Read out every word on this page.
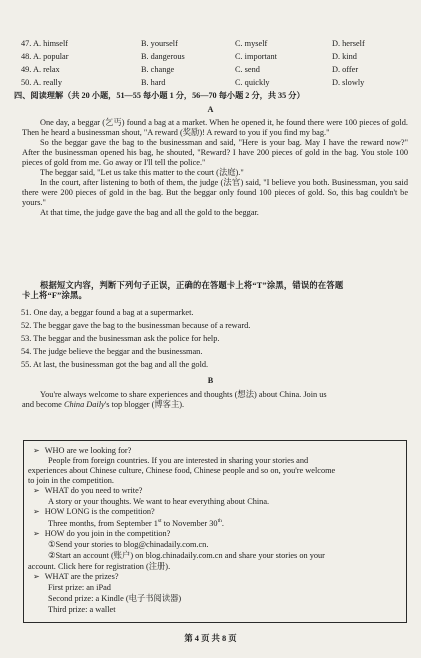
47. A. himself	B. yourself	C. myself	D. herself
48. A. popular	B. dangerous	C. important	D. kind
49. A. relax	B. change	C. send	D. offer
50. A. really	B. hard	C. quickly	D. slowly
四、阅读理解（共 20 小题，51—55 每小题 1 分，56—70 每小题 2 分，共 35 分）
A

One day, a beggar (乞丐) found a bag at a market. When he opened it, he found there were 100 pieces of gold. Then he heard a businessman shout, "A reward (奖励)! A reward to you if you find my bag."

So the beggar gave the bag to the businessman and said, "Here is your bag. May I have the reward now?" After the businessman opened his bag, he shouted, "Reward? I have 200 pieces of gold in the bag. You stole 100 pieces of gold from me. Go away or I'll tell the police."

The beggar said, "Let us take this matter to the court (法庭)."

In the court, after listening to both of them, the judge (法官) said, "I believe you both. Businessman, you said there were 200 pieces of gold in the bag. But the beggar only found 100 pieces of gold. So, this bag couldn't be yours."

At that time, the judge gave the bag and all the gold to the beggar.

根据短文内容，判断下列句子正误，正确的在答题卡上将“T”涂黑，错误的在答题

卡上将“F”涂黑。

51. One day, a beggar found a bag at a supermarket.
52. The beggar gave the bag to the businessman because of a reward.
53. The beggar and the businessman ask the police for help.
54. The judge believe the beggar and the businessman.
55. At last, the businessman got the bag and all the gold.
B

You're always welcome to share experiences and thoughts (想法) about China. Join us

and become China Daily's top blogger (博客主).

➢ WHO are we looking for?
People from foreign countries. If you are interested in sharing your stories and
experiences about Chinese culture, Chinese food, Chinese people and so on, you're welcome
to join in the competition.
➢ WHAT do you need to write?
A story or your thoughts. We want to hear everything about China.
➢ HOW LONG is the competition?
Three months, from September 1st to November 30th.
➢ HOW do you join in the competition?
①Send your stories to blog@chinadaily.com.cn.
②Start an account (账户) on blog.chinadaily.com.cn and share your stories on your
account. Click here for registration (注册).
➢ WHAT are the prizes?
First prize: an iPad
Second prize: a Kindle (电子书阅读器)
Third prize: a wallet
第 4 页 共 8 页
